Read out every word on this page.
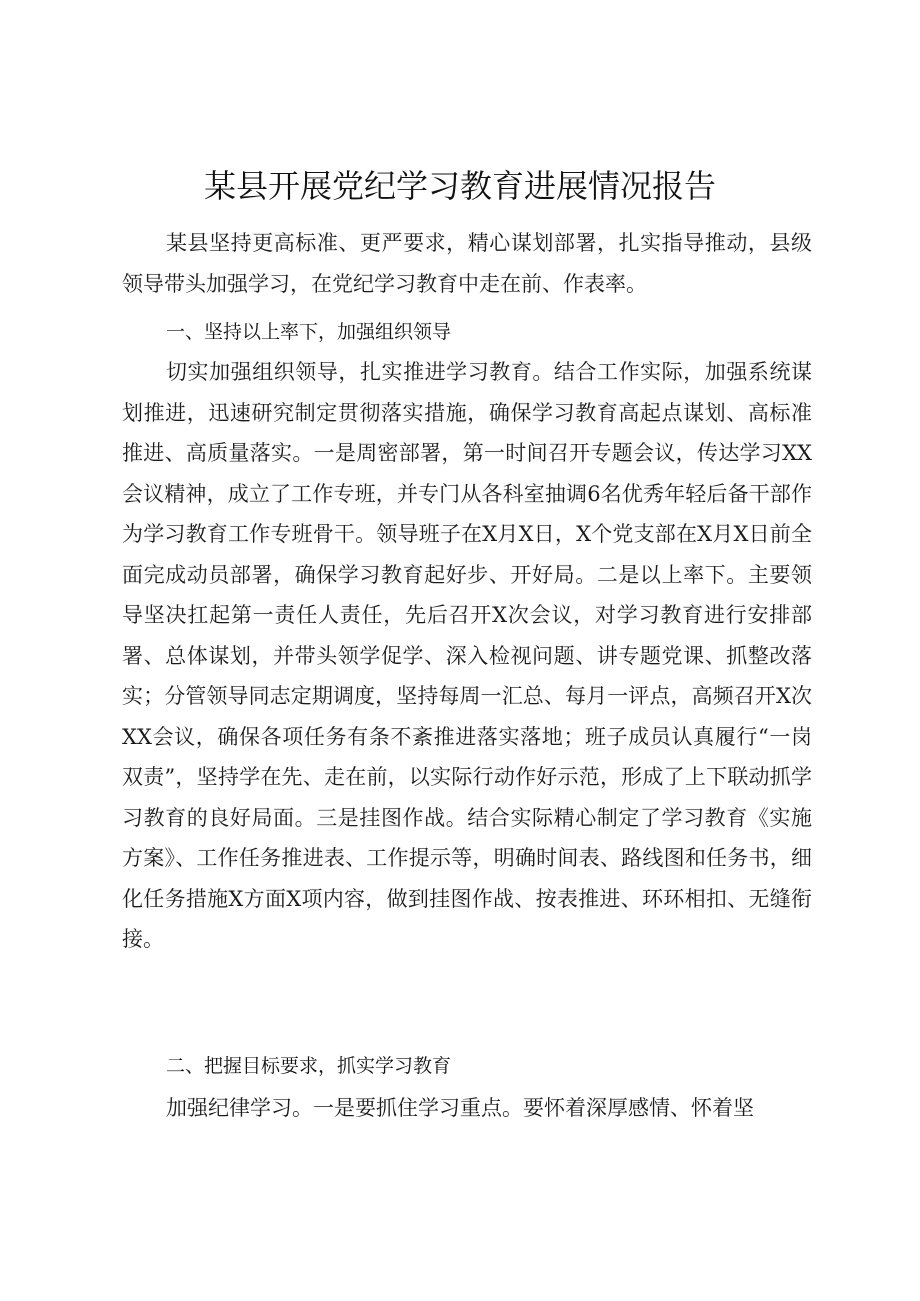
某县开展党纪学习教育进展情况报告
某县坚持更高标准、更严要求，精心谋划部署，扎实指导推动，县级领导带头加强学习，在党纪学习教育中走在前、作表率。
一、坚持以上率下，加强组织领导
切实加强组织领导，扎实推进学习教育。结合工作实际，加强系统谋划推进，迅速研究制定贯彻落实措施，确保学习教育高起点谋划、高标准推进、高质量落实。一是周密部署，第一时间召开专题会议，传达学习XX会议精神，成立了工作专班，并专门从各科室抽调6名优秀年轻后备干部作为学习教育工作专班骨干。领导班子在X月X日，X个党支部在X月X日前全面完成动员部署，确保学习教育起好步、开好局。二是以上率下。主要领导坚决扛起第一责任人责任，先后召开X次会议，对学习教育进行安排部署、总体谋划，并带头领学促学、深入检视问题、讲专题党课、抓整改落实；分管领导同志定期调度，坚持每周一汇总、每月一评点，高频召开X次XX会议，确保各项任务有条不紊推进落实落地；班子成员认真履行“一岗双责”，坚持学在先、走在前，以实际行动作好示范，形成了上下联动抓学习教育的良好局面。三是挂图作战。结合实际精心制定了学习教育《实施方案》、工作任务推进表、工作提示等，明确时间表、路线图和任务书，细化任务措施X方面X项内容，做到挂图作战、按表推进、环环相扣、无缝衔接。
二、把握目标要求，抓实学习教育
加强纪律学习。一是要抓住学习重点。要怀着深厚感情、怀着坚
